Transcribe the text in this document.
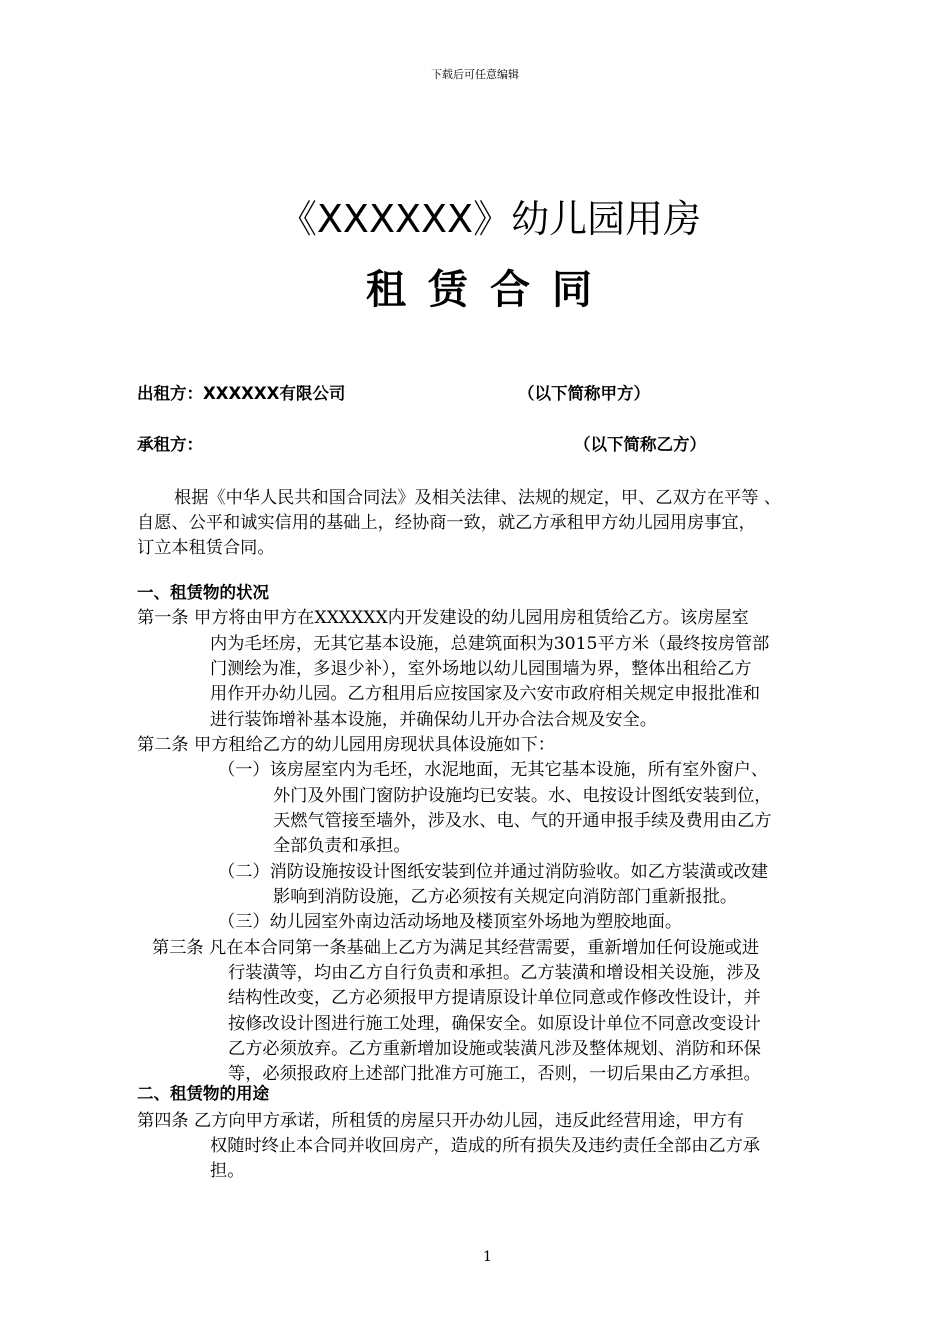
下载后可任意编辑
《XXXXXX》幼儿园用房
租赁合同
出租方：XXXXXX有限公司	（以下简称甲方）
承租方：	（以下简称乙方）
根据《中华人民共和国合同法》及相关法律、法规的规定，甲、乙双方在平等 、
自愿、公平和诚实信用的基础上，经协商一致，就乙方承租甲方幼儿园用房事宜，
订立本租赁合同。
一、租赁物的状况
第一条 甲方将由甲方在XXXXXX内开发建设的幼儿园用房租赁给乙方。该房屋室
内为毛坯房，无其它基本设施，总建筑面积为3015平方米（最终按房管部
门测绘为准，多退少补），室外场地以幼儿园围墙为界，整体出租给乙方
用作开办幼儿园。乙方租用后应按国家及六安市政府相关规定申报批准和
进行装饰增补基本设施，并确保幼儿开办合法合规及安全。
第二条 甲方租给乙方的幼儿园用房现状具体设施如下：
（一）该房屋室内为毛坯，水泥地面，无其它基本设施，所有室外窗户、
外门及外围门窗防护设施均已安装。水、电按设计图纸安装到位，
天燃气管接至墙外，涉及水、电、气的开通申报手续及费用由乙方
全部负责和承担。
（二）消防设施按设计图纸安装到位并通过消防验收。如乙方装潢或改建
影响到消防设施，乙方必须按有关规定向消防部门重新报批。
（三）幼儿园室外南边活动场地及楼顶室外场地为塑胶地面。
第三条 凡在本合同第一条基础上乙方为满足其经营需要，重新增加任何设施或进
行装潢等，均由乙方自行负责和承担。乙方装潢和增设相关设施，涉及
结构性改变，乙方必须报甲方提请原设计单位同意或作修改性设计，并
按修改设计图进行施工处理，确保安全。如原设计单位不同意改变设计
乙方必须放弃。乙方重新增加设施或装潢凡涉及整体规划、消防和环保
等，必须报政府上述部门批准方可施工，否则，一切后果由乙方承担。
二、租赁物的用途
第四条 乙方向甲方承诺，所租赁的房屋只开办幼儿园，违反此经营用途，甲方有
权随时终止本合同并收回房产，造成的所有损失及违约责任全部由乙方承
担。
1
